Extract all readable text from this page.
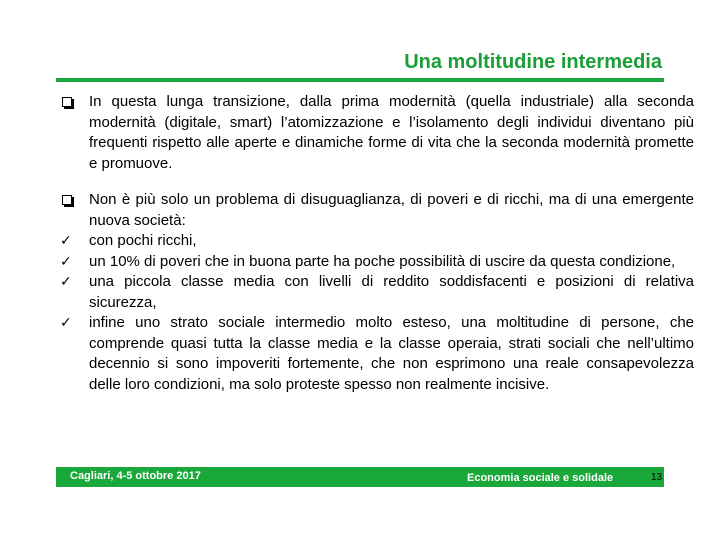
Una moltitudine intermedia
In questa lunga transizione, dalla prima modernità (quella industriale) alla seconda modernità (digitale, smart) l’atomizzazione e l’isolamento degli individui diventano più frequenti rispetto alle aperte e dinamiche forme di vita che la seconda modernità promette e promuove.
Non è più solo un problema di disuguaglianza, di poveri e di ricchi, ma di una emergente nuova società:
✓ con pochi ricchi,
✓ un 10% di poveri che in buona parte ha poche possibilità di uscire da questa condizione,
✓ una piccola classe media con livelli di reddito soddisfacenti e posizioni di relativa sicurezza,
✓ infine uno strato sociale intermedio molto esteso, una moltitudine di persone, che comprende quasi tutta la classe media e la classe operaia, strati sociali che nell’ultimo decennio si sono impoveriti fortemente, che non esprimono una reale consapevolezza delle loro condizioni, ma solo proteste spesso non realmente incisive.
Cagliari, 4-5 ottobre 2017	Economia sociale e solidale	13
